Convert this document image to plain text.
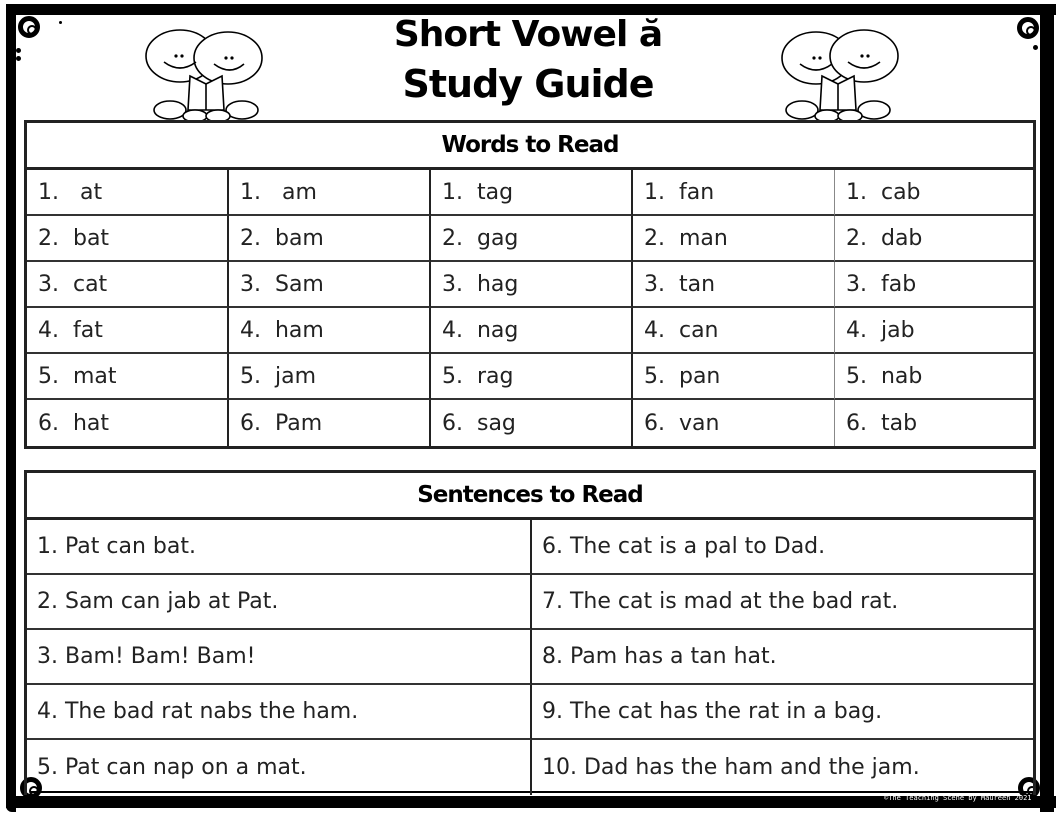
Short Vowel ă
Study Guide
Words to Read
1.   at	1.   am	1.  tag	1.  fan	1.  cab
2.  bat	2.  bam	2.  gag	2.  man	2.  dab
3.  cat	3.  Sam	3.  hag	3.  tan	3.  fab
4.  fat	4.  ham	4.  nag	4.  can	4.  jab
5.  mat	5.  jam	5.  rag	5.  pan	5.  nab
6.  hat	6.  Pam	6.  sag	6.  van	6.  tab
Sentences to Read
1. Pat can bat.	6. The cat is a pal to Dad.
2. Sam can jab at Pat.	7. The cat is mad at the bad rat.
3. Bam! Bam! Bam!	8. Pam has a tan hat.
4. The bad rat nabs the ham.	9. The cat has the rat in a bag.
5. Pat can nap on a mat.	10. Dad has the ham and the jam.
©The Teaching Scene by Maureen 2021
